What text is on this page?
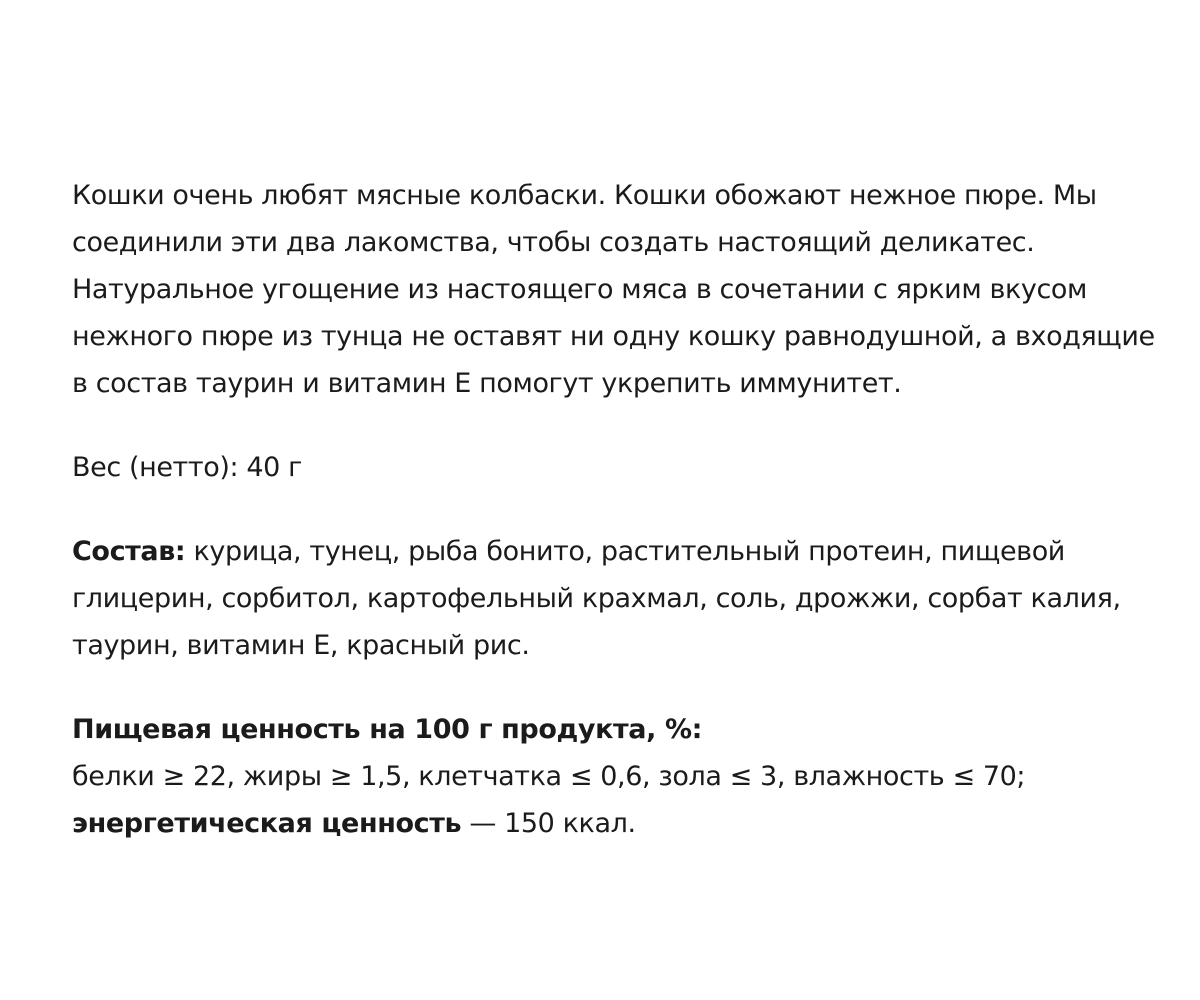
Кошки очень любят мясные колбаски. Кошки обожают нежное пюре. Мы
соединили эти два лакомства, чтобы создать настоящий деликатес.
Натуральное угощение из настоящего мяса в сочетании с ярким вкусом
нежного пюре из тунца не оставят ни одну кошку равнодушной, а входящие
в состав таурин и витамин Е помогут укрепить иммунитет.
Вес (нетто): 40 г
Состав: курица, тунец, рыба бонито, растительный протеин, пищевой
глицерин, сорбитол, картофельный крахмал, соль, дрожжи, сорбат калия,
таурин, витамин Е, красный рис.
Пищевая ценность на 100 г продукта, %:
белки ≥ 22, жиры ≥ 1,5, клетчатка ≤ 0,6, зола ≤ 3, влажность ≤ 70;
энергетическая ценность — 150 ккал.
